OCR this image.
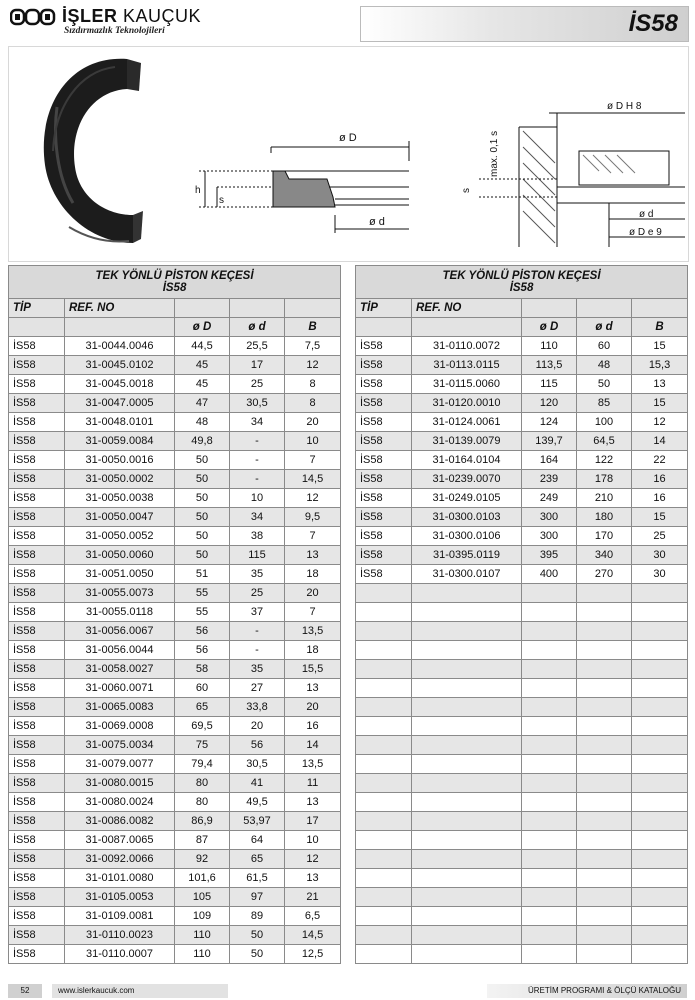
İŞLER KAUÇUK
Sızdırmazlık Teknolojileri	İS58
ø D
ø d
h
s
ø D H 8
max. 0,1 s
s
ø d
ø D e 9
TEK YÖNLÜ PİSTON KEÇESİ
İS58				
TİP	REF. NO			
		ø D	ø d	B
İS58	31-0044.0046	44,5	25,5	7,5
İS58	31-0045.0102	45	17	12
İS58	31-0045.0018	45	25	8
İS58	31-0047.0005	47	30,5	8
İS58	31-0048.0101	48	34	20
İS58	31-0059.0084	49,8	-	10
İS58	31-0050.0016	50	-	7
İS58	31-0050.0002	50	-	14,5
İS58	31-0050.0038	50	10	12
İS58	31-0050.0047	50	34	9,5
İS58	31-0050.0052	50	38	7
İS58	31-0050.0060	50	115	13
İS58	31-0051.0050	51	35	18
İS58	31-0055.0073	55	25	20
İS58	31-0055.0118	55	37	7
İS58	31-0056.0067	56	-	13,5
İS58	31-0056.0044	56	-	18
İS58	31-0058.0027	58	35	15,5
İS58	31-0060.0071	60	27	13
İS58	31-0065.0083	65	33,8	20
İS58	31-0069.0008	69,5	20	16
İS58	31-0075.0034	75	56	14
İS58	31-0079.0077	79,4	30,5	13,5
İS58	31-0080.0015	80	41	11
İS58	31-0080.0024	80	49,5	13
İS58	31-0086.0082	86,9	53,97	17
İS58	31-0087.0065	87	64	10
İS58	31-0092.0066	92	65	12
İS58	31-0101.0080	101,6	61,5	13
İS58	31-0105.0053	105	97	21
İS58	31-0109.0081	109	89	6,5
İS58	31-0110.0023	110	50	14,5
İS58	31-0110.0007	110	50	12,5
TEK YÖNLÜ PİSTON KEÇESİ
İS58				
TİP	REF. NO			
		ø D	ø d	B
İS58	31-0110.0072	110	60	15
İS58	31-0113.0115	113,5	48	15,3
İS58	31-0115.0060	115	50	13
İS58	31-0120.0010	120	85	15
İS58	31-0124.0061	124	100	12
İS58	31-0139.0079	139,7	64,5	14
İS58	31-0164.0104	164	122	22
İS58	31-0239.0070	239	178	16
İS58	31-0249.0105	249	210	16
İS58	31-0300.0103	300	180	15
İS58	31-0300.0106	300	170	25
İS58	31-0395.0119	395	340	30
İS58	31-0300.0107	400	270	30

52	www.islerkaucuk.com	ÜRETİM PROGRAMI & ÖLÇÜ KATALOĞU
